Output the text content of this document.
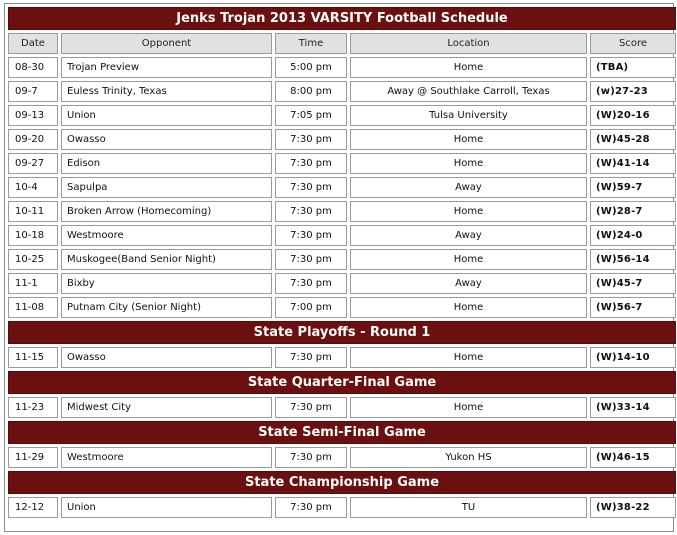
Jenks Trojan 2013 VARSITY Football Schedule				
Date	Opponent	Time	Location	Score
08-30	Trojan Preview	5:00 pm	Home	(TBA)
09-7	Euless Trinity, Texas	8:00 pm	Away @ Southlake Carroll, Texas	(w)27-23
09-13	Union	7:05 pm	Tulsa University	(W)20-16
09-20	Owasso	7:30 pm	Home	(W)45-28
09-27	Edison	7:30 pm	Home	(W)41-14
10-4	Sapulpa	7:30 pm	Away	(W)59-7
10-11	Broken Arrow (Homecoming)	7:30 pm	Home	(W)28-7
10-18	Westmoore	7:30 pm	Away	(W)24-0
10-25	Muskogee(Band Senior Night)	7:30 pm	Home	(W)56-14
11-1	Bixby	7:30 pm	Away	(W)45-7
11-08	Putnam City (Senior Night)	7:00 pm	Home	(W)56-7
State Playoffs - Round 1				
11-15	Owasso	7:30 pm	Home	(W)14-10
State Quarter-Final Game				
11-23	Midwest City	7:30 pm	Home	(W)33-14
State Semi-Final Game				
11-29	Westmoore	7:30 pm	Yukon HS	(W)46-15
State Championship Game				
12-12	Union	7:30 pm	TU	(W)38-22
